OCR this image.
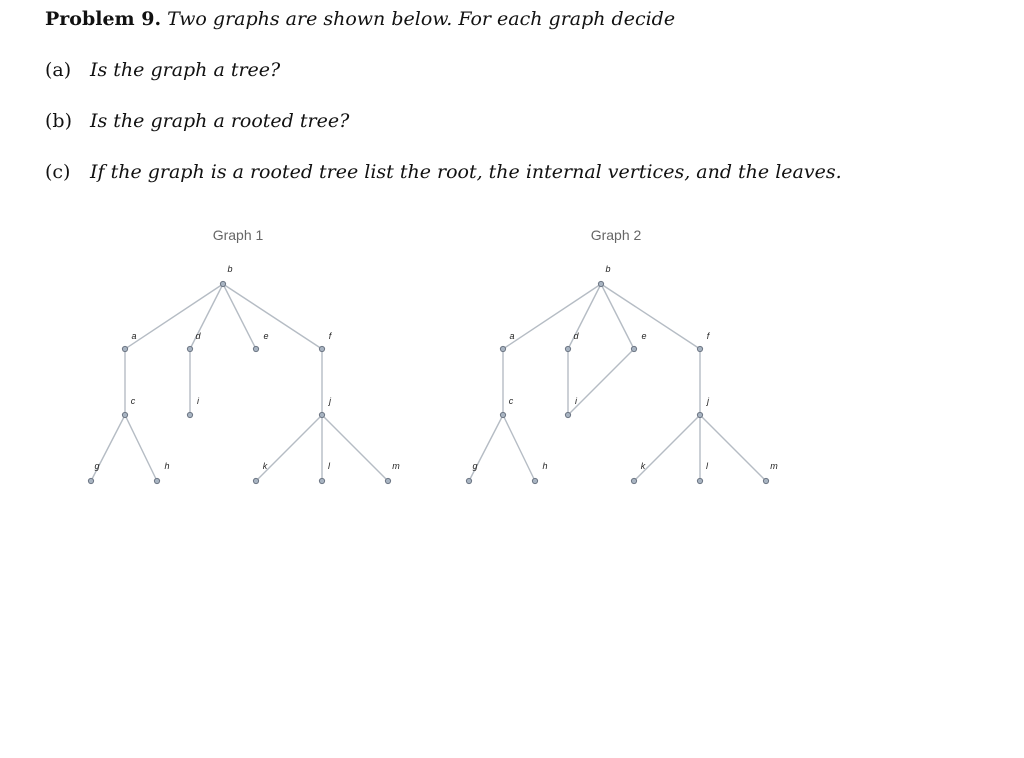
Problem 9. Two graphs are shown below. For each graph decide
(a) Is the graph a tree?
(b) Is the graph a rooted tree?
(c) If the graph is a rooted tree list the root, the internal vertices, and the leaves.
Graph 1
b
a	d	e	f
c	i	j
g	h	k	l	m
Graph 2
b
a	d	e	f
c	i	j
g	h	k	l	m
